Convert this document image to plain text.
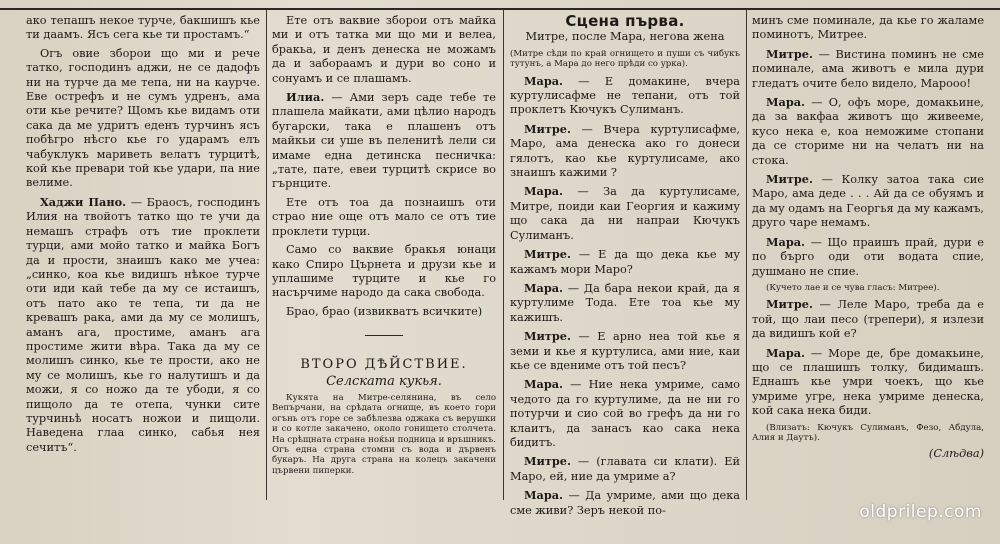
ако тепашъ некое турче, бакшишъ кье ти даамъ. Ясъ сега кье ти простамъ.“

Огъ овие зборои що ми и рече татко, господинъ аджи, не се дадофъ ни на турче да ме тепа, ни на каурче. Евe острефъ и не сумъ удренъ, ама оти кье речите? Щомъ кье видамъ оти сака да ме удритъ еденъ турчинъ ясъ побѣгро нѣсго кье го ударамъ елъ чабуклукъ мариветь велатъ турцитѣ, кой кье превари той кье удари, па ние велиме.

Хаджи Пано. — Браосъ, господинъ Илия на твойотъ татко що те учи да немашъ страфъ отъ тие проклети турци, ами мойо татко и майка Богъ да и прости, знаишъ како ме учеа: „синко, коа кье видишъ нѣкое турче оти иди кай тебе да му се истаишъ, отъ пато ако те тепа, ти да не кревашъ рака, ами да му се молишъ, аманъ ага, простиме, аманъ ага простиме жити вѣра. Така да му се молишъ синко, кье те прости, ако не му се молишъ, кье го налутишъ и да можи, я со ножо да те убоди, я со пищоло да те отепа, чунки сите турчиньѣ носатъ ножои и пищоли. Наведена глаа синко, сабья нея сечитъ“.

Ете отъ ваквие зборои отъ майка ми и отъ татка ми що ми и велеа, бракьа, и денъ денеска не можамъ да и забораамъ и дури во соно и сонуамъ и се плашамъ.

Илиа. — Ами зеръ саде тебе те плашела майкати, ами цѣлио народъ бугарски, така е плашенъ отъ майкьи си уше въ пеленитѣ лели си имаме една детинска песничка: „тате, пате, евеи турцитѣ скрисе во гърнците.

Ете отъ тоа да познаишъ оти страо ние още отъ мало се отъ тие проклети турци.

Само со ваквие бракья юнаци како Спиро Църнета и друзи кье и уплашиме турците и кье го насърчиме народо да сака свобода.

Брао, брао (извикватъ всичките)

ВТОРО ДѢЙСТВИЕ.
Селската кукья.

Кукята на Митре-селянина, въ село Вепърчани, на срѣдата огнище, въ което гори огънь отъ горе се забѣлезва оджака съ верушки и со котле закачено, около гонището столчета. На срѣщната страна ноќьи подница и връшникъ. Огъ една страна стомни съ вода и дървенъ букаръ. На друга страна на колецъ закачени цървени пиперки.

Сцена първа.

Митре, после Мара, негова жена

(Митре сѣди по край огнището и пуши съ чибукъ тутунъ, а Мара до него прѣди со урка).

Мара. — Е домакине, вчера куртулисафме не тепани, отъ той проклетъ Кючукъ Сулиманъ.

Митре. — Вчера куртулисафме, Маро, ама денеска ако го донеси гялотъ, као кье куртулисаме, ако знаишъ кажими ?

Мара. — За да куртулисаме, Митре, поиди каи Георгия и кажиму що сака да ни напраи Кючукъ Сулиманъ.

Митре. — Е да що дека кье му кажамъ мори Маро?

Мара. — Да бара некои край, да я куртулиме Тода. Ете тоа кье му кажишъ.

Митре. — Е арно неа той кье я земи и кье я куртулиса, ами ние, каи кье се вдениме отъ той песъ?

Мара. — Ние нека умриме, само чедото да го куртулиме, да не ни го потурчи и сио сой во грефъ да ни го клаитъ, да занасъ као сака нека бидитъ.

Митре. — (главата си клати). Ей Маро, ей, ние да умриме а?

Мара. — Да умриме, ами що дека сме живи? Зеръ некой по-

минъ сме поминале, да кье го жаламе поминотъ, Митрее.

Митре. — Вистина поминъ не сме поминале, ама животъ е мила дури гледатъ очите бело видело, Мароoo!

Мара. — О, офъ море, домакьине, да за вакфаа животъ що живееме, кусо нека е, коа неможиме стопани да се сториме ни на челатъ ни на стока.

Митре. — Колку затоа така сие Маро, ама деде . . . Ай да се обуямъ и да му одамъ на Георгья да му кажамъ, друго чаре немамъ.

Мара. — Що праишъ прай, дури е по бърго оди оти водата спие, душмано не спие.

(Кучето лае и се чува гласъ: Митрее).

Митре. — Леле Маро, треба да е той, що лаи песо (трепери), я излези да видишъ кой е?

Мара. — Море де, бре домакьине, що се плашишъ толку, бидимашъ. Еднашъ кье умри чоекъ, що кье умриме угре, нека умриме денеска, кой сака нека биди.

(Влизатъ: Кючукъ Сулиманъ, Фезо, Абдула, Алия и Даутъ).

(Слѣдва)
oldprilep.com
